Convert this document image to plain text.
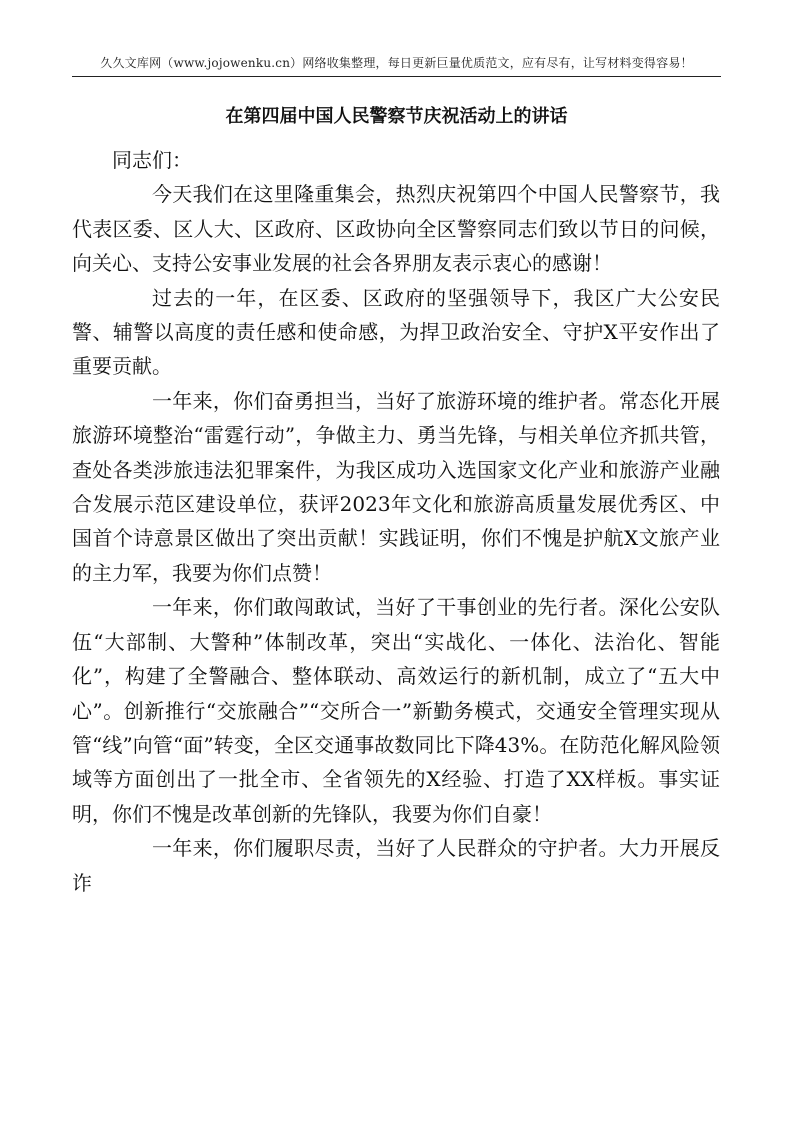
久久文库网（www.jojowenku.cn）网络收集整理，每日更新巨量优质范文，应有尽有，让写材料变得容易！
在第四届中国人民警察节庆祝活动上的讲话

同志们：

今天我们在这里隆重集会，热烈庆祝第四个中国人民警察节，我代表区委、区人大、区政府、区政协向全区警察同志们致以节日的问候，向关心、支持公安事业发展的社会各界朋友表示衷心的感谢！

过去的一年，在区委、区政府的坚强领导下，我区广大公安民警、辅警以高度的责任感和使命感，为捍卫政治安全、守护X平安作出了重要贡献。

一年来，你们奋勇担当，当好了旅游环境的维护者。常态化开展旅游环境整治“雷霆行动”，争做主力、勇当先锋，与相关单位齐抓共管，查处各类涉旅违法犯罪案件，为我区成功入选国家文化产业和旅游产业融合发展示范区建设单位，获评2023年文化和旅游高质量发展优秀区、中国首个诗意景区做出了突出贡献！实践证明，你们不愧是护航X文旅产业的主力军，我要为你们点赞！

一年来，你们敢闯敢试，当好了干事创业的先行者。深化公安队伍“大部制、大警种”体制改革，突出“实战化、一体化、法治化、智能化”，构建了全警融合、整体联动、高效运行的新机制，成立了“五大中心”。创新推行“交旅融合”“交所合一”新勤务模式，交通安全管理实现从管“线”向管“面”转变，全区交通事故数同比下降43%。在防范化解风险领域等方面创出了一批全市、全省领先的X经验、打造了XX样板。事实证明，你们不愧是改革创新的先锋队，我要为你们自豪！

一年来，你们履职尽责，当好了人民群众的守护者。大力开展反诈
